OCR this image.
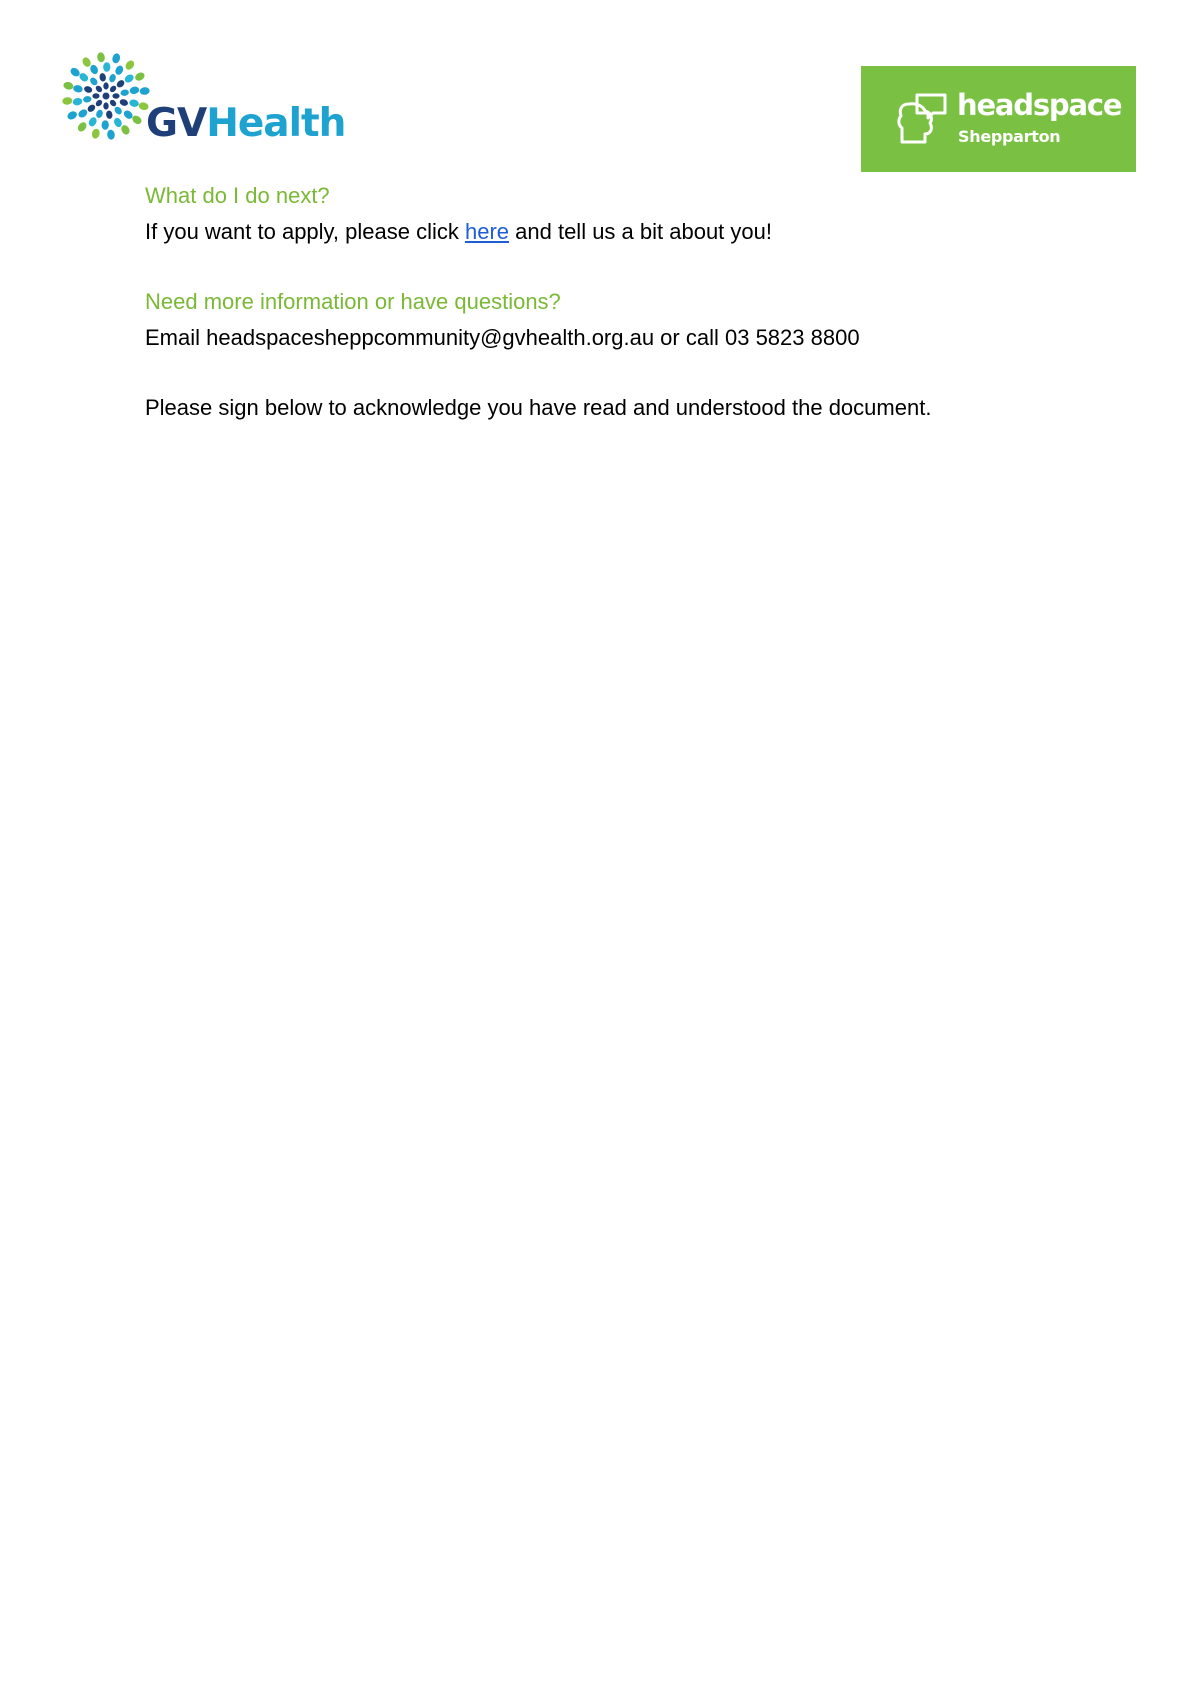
GVHealth	headspace
Shepparton
What do I do next?

If you want to apply, please click here and tell us a bit about you!

Need more information or have questions?

Email headspacesheppcommunity@gvhealth.org.au or call 03 5823 8800

Please sign below to acknowledge you have read and understood the document.
